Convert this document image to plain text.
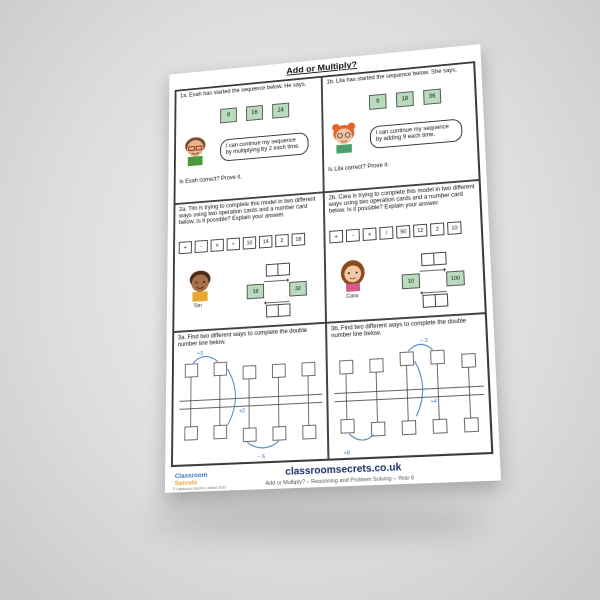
Add or Multiply?
1a. Esah has started the sequence below. He says,
8	16	24
I can continue my sequence by multiplying by 2 each time.
Is Esah correct? Prove it.
1b. Lila has started the sequence below. She says,
9	18	36
I can continue my sequence by adding 9 each time.
Is Lila correct? Prove it.
2a. Tim is trying to complete this model in two different ways using two operation cards and a number card below. Is it possible? Explain your answer.
+	-	x	÷	10	14	2	18
Tim
18	32
2b. Cara is trying to complete this model in two different ways using two operation cards and a number card below. Is it possible? Explain your answer.
+	-	x	/	90	12	2	10
Cara
10	100
3a. Find two different ways to complete the double number line below.
+3
x2
− 6
3b. Find two different ways to complete the double number line below.
− 2
+4
+8
Classroom
Secrets
© Classroom Secrets Limited 2020
classroomsecrets.co.uk
Add or Multiply? – Reasoning and Problem Solving – Year 6
